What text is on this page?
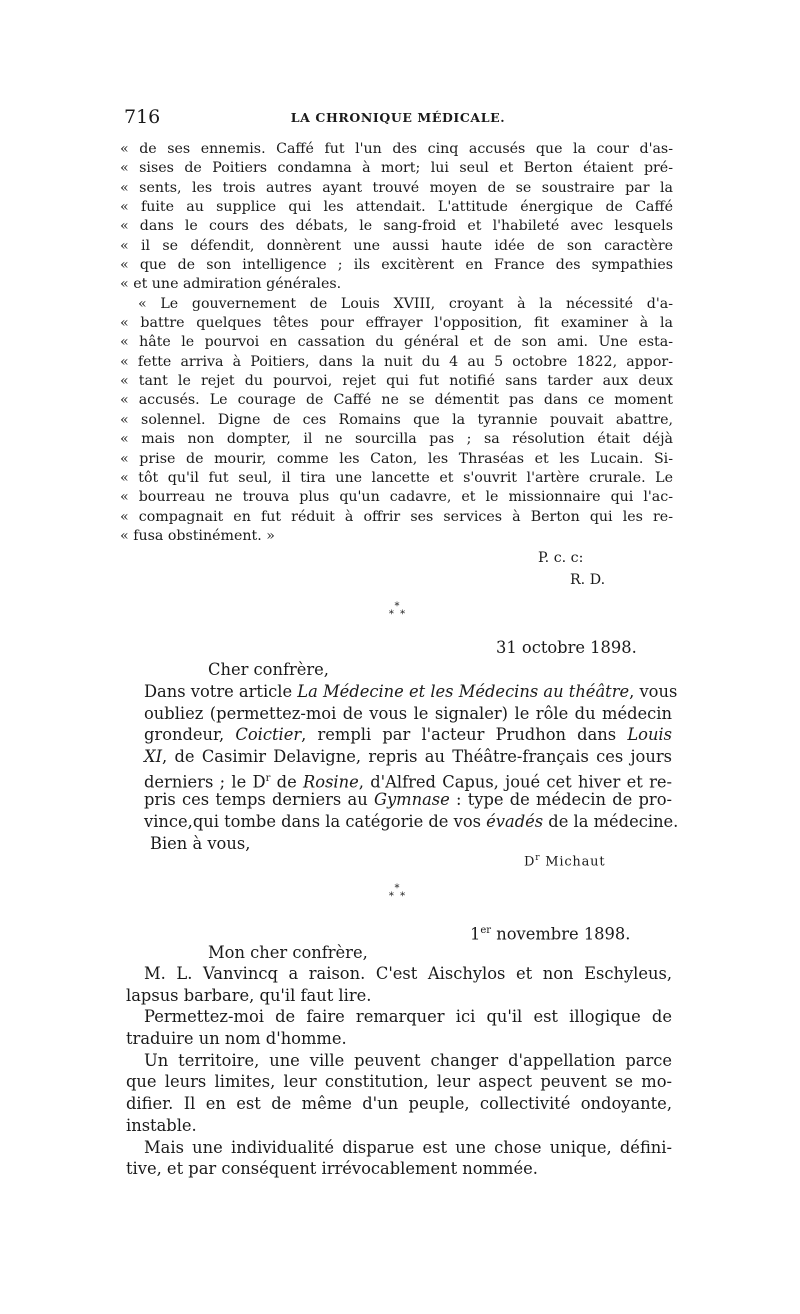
716	LA CHRONIQUE MÉDICALE.
« de ses ennemis. Caffé fut l'un des cinq accusés que la cour d'as-
« sises de Poitiers condamna à mort; lui seul et Berton étaient pré-
« sents, les trois autres ayant trouvé moyen de se soustraire par la
« fuite au supplice qui les attendait. L'attitude énergique de Caffé
« dans le cours des débats, le sang-froid et l'habileté avec lesquels
« il se défendit, donnèrent une aussi haute idée de son caractère
« que de son intelligence ; ils excitèrent en France des sympathies
« et une admiration générales.
« Le gouvernement de Louis XVIII, croyant à la nécessité d'a-
« battre quelques têtes pour effrayer l'opposition, fit examiner à la
« hâte le pourvoi en cassation du général et de son ami. Une esta-
« fette arriva à Poitiers, dans la nuit du 4 au 5 octobre 1822, appor-
« tant le rejet du pourvoi, rejet qui fut notifié sans tarder aux deux
« accusés. Le courage de Caffé ne se démentit pas dans ce moment
« solennel. Digne de ces Romains que la tyrannie pouvait abattre,
« mais non dompter, il ne sourcilla pas ; sa résolution était déjà
« prise de mourir, comme les Caton, les Thraséas et les Lucain. Si-
« tôt qu'il fut seul, il tira une lancette et s'ouvrit l'artère crurale. Le
« bourreau ne trouva plus qu'un cadavre, et le missionnaire qui l'ac-
« compagnait en fut réduit à offrir ses services à Berton qui les re-
« fusa obstinément. »
P. c. c:
R. D.
*
*  *
31 octobre 1898.
Cher confrère,
Dans votre article La Médecine et les Médecins au théâtre, vous
oubliez (permettez-moi de vous le signaler) le rôle du médecin
grondeur, Coictier, rempli par l'acteur Prudhon dans Louis
XI, de Casimir Delavigne, repris au Théâtre-français ces jours
derniers ; le $D^r$ de Rosine, d'Alfred Capus, joué cet hiver et re-
pris ces temps derniers au Gymnase : type de médecin de pro-
vince,qui tombe dans la catégorie de vos évadés de la médecine.
Bien à vous,
$D^r$ Michaut
*
*  *
1er novembre 1898.
Mon cher confrère,
M. L. Vanvincq a raison. C'est Aischylos et non Eschyleus,
lapsus barbare, qu'il faut lire.
Permettez-moi de faire remarquer ici qu'il est illogique de
traduire un nom d'homme.
Un territoire, une ville peuvent changer d'appellation parce
que leurs limites, leur constitution, leur aspect peuvent se mo-
difier. Il en est de même d'un peuple, collectivité ondoyante,
instable.
Mais une individualité disparue est une chose unique, défini-
tive, et par conséquent irrévocablement nommée.
